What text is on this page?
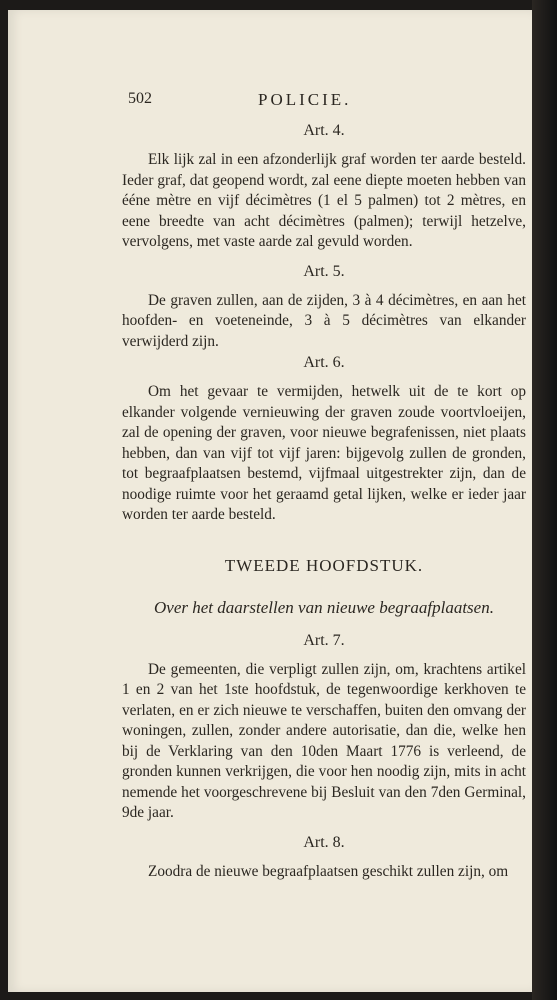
502	POLICIE.
Art. 4.

Elk lijk zal in een afzonderlijk graf worden ter aarde besteld. Ieder graf, dat geopend wordt, zal eene diepte moeten hebben van ééne mètre en vijf décimètres (1 el 5 palmen) tot 2 mètres, en eene breedte van acht décimètres (palmen); terwijl hetzelve, vervolgens, met vaste aarde zal gevuld worden.

Art. 5.

De graven zullen, aan de zijden, 3 à 4 décimètres, en aan het hoofden- en voeteneinde, 3 à 5 décimètres van elkander verwijderd zijn.

Art. 6.

Om het gevaar te vermijden, hetwelk uit de te kort op elkander volgende vernieuwing der graven zoude voortvloeijen, zal de opening der graven, voor nieuwe begrafenissen, niet plaats hebben, dan van vijf tot vijf jaren: bijgevolg zullen de gronden, tot begraafplaatsen bestemd, vijfmaal uitgestrekter zijn, dan de noodige ruimte voor het geraamd getal lijken, welke er ieder jaar worden ter aarde besteld.

TWEEDE HOOFDSTUK.
Over het daarstellen van nieuwe begraafplaatsen.
Art. 7.

De gemeenten, die verpligt zullen zijn, om, krachtens artikel 1 en 2 van het 1ste hoofdstuk, de tegenwoordige kerkhoven te verlaten, en er zich nieuwe te verschaffen, buiten den omvang der woningen, zullen, zonder andere autorisatie, dan die, welke hen bij de Verklaring van den 10den Maart 1776 is verleend, de gronden kunnen verkrijgen, die voor hen noodig zijn, mits in acht nemende het voorgeschrevene bij Besluit van den 7den Germinal, 9de jaar.

Art. 8.

Zoodra de nieuwe begraafplaatsen geschikt zullen zijn, om
